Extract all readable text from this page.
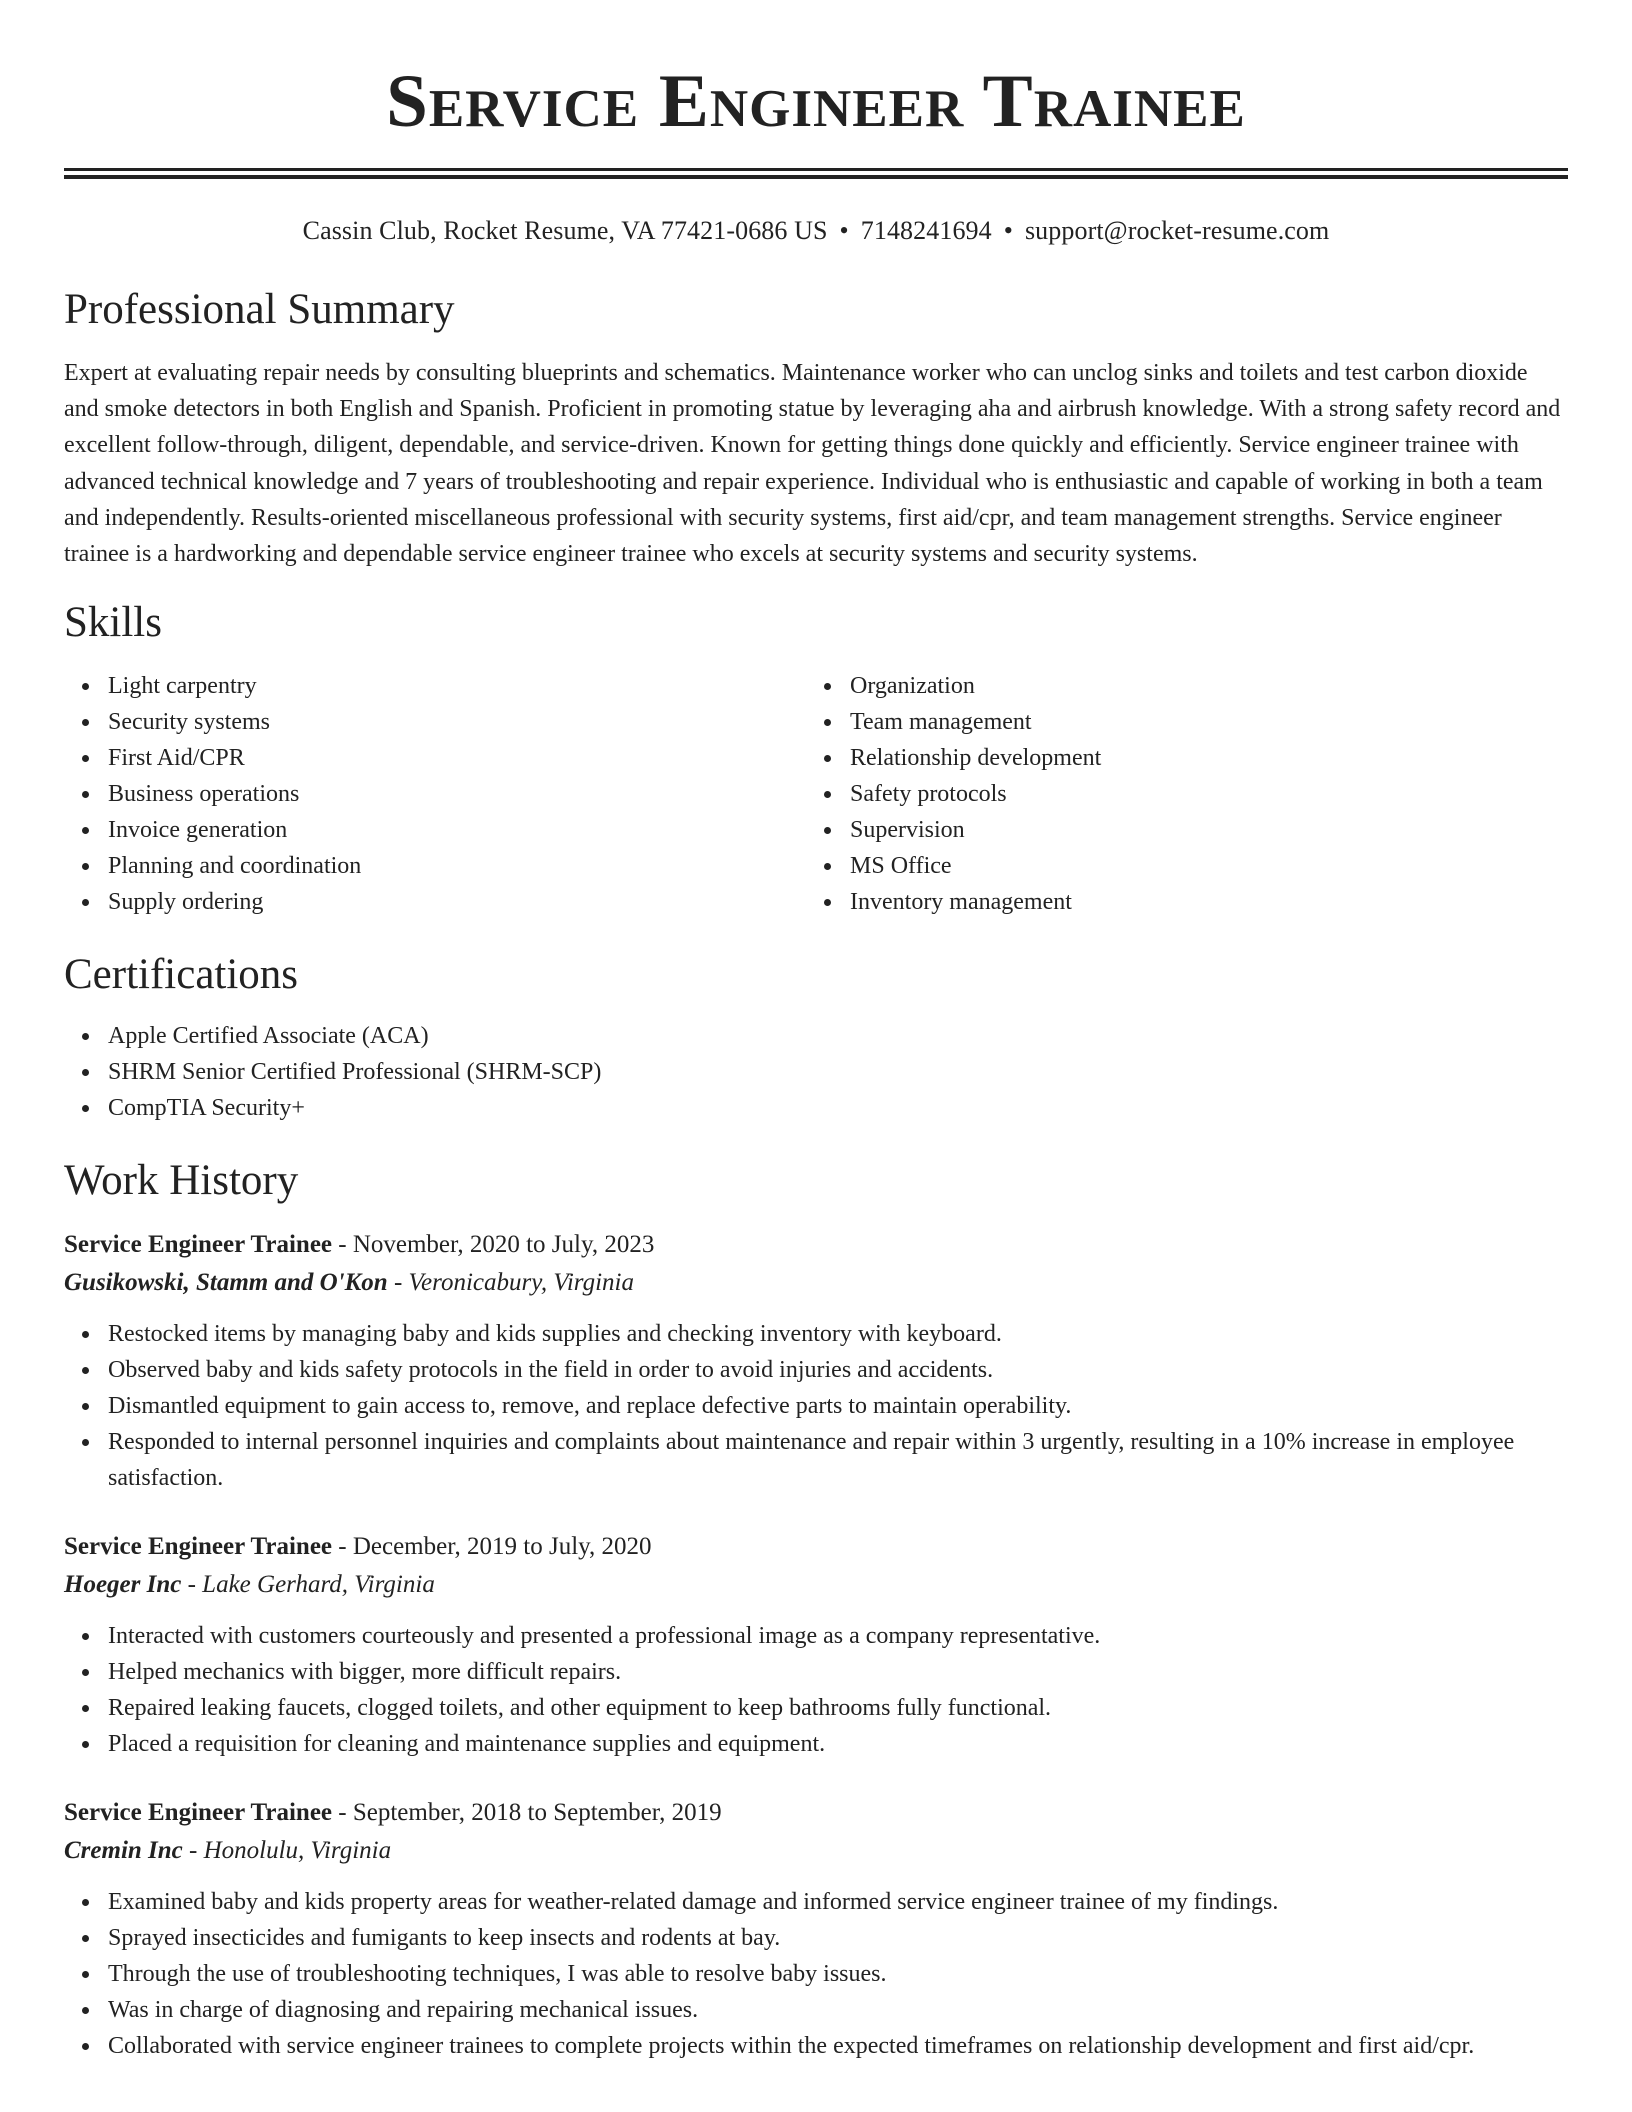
Service Engineer Trainee
Cassin Club, Rocket Resume, VA 77421-0686 US • 7148241694 • support@rocket-resume.com
Professional Summary

Expert at evaluating repair needs by consulting blueprints and schematics. Maintenance worker who can unclog sinks and toilets and test carbon dioxide and smoke detectors in both English and Spanish. Proficient in promoting statue by leveraging aha and airbrush knowledge. With a strong safety record and excellent follow-through, diligent, dependable, and service-driven. Known for getting things done quickly and efficiently. Service engineer trainee with advanced technical knowledge and 7 years of troubleshooting and repair experience. Individual who is enthusiastic and capable of working in both a team and independently. Results-oriented miscellaneous professional with security systems, first aid/cpr, and team management strengths. Service engineer trainee is a hardworking and dependable service engineer trainee who excels at security systems and security systems.

Skills
Light carpentry
Security systems
First Aid/CPR
Business operations
Invoice generation
Planning and coordination
Supply ordering
Organization
Team management
Relationship development
Safety protocols
Supervision
MS Office
Inventory management
Certifications
Apple Certified Associate (ACA)
SHRM Senior Certified Professional (SHRM-SCP)
CompTIA Security+
Work History
Service Engineer Trainee - November, 2020 to July, 2023
Gusikowski, Stamm and O'Kon - Veronicabury, Virginia
Restocked items by managing baby and kids supplies and checking inventory with keyboard.
Observed baby and kids safety protocols in the field in order to avoid injuries and accidents.
Dismantled equipment to gain access to, remove, and replace defective parts to maintain operability.
Responded to internal personnel inquiries and complaints about maintenance and repair within 3 urgently, resulting in a 10% increase in employee satisfaction.
Service Engineer Trainee - December, 2019 to July, 2020
Hoeger Inc - Lake Gerhard, Virginia
Interacted with customers courteously and presented a professional image as a company representative.
Helped mechanics with bigger, more difficult repairs.
Repaired leaking faucets, clogged toilets, and other equipment to keep bathrooms fully functional.
Placed a requisition for cleaning and maintenance supplies and equipment.
Service Engineer Trainee - September, 2018 to September, 2019
Cremin Inc - Honolulu, Virginia
Examined baby and kids property areas for weather-related damage and informed service engineer trainee of my findings.
Sprayed insecticides and fumigants to keep insects and rodents at bay.
Through the use of troubleshooting techniques, I was able to resolve baby issues.
Was in charge of diagnosing and repairing mechanical issues.
Collaborated with service engineer trainees to complete projects within the expected timeframes on relationship development and first aid/cpr.
